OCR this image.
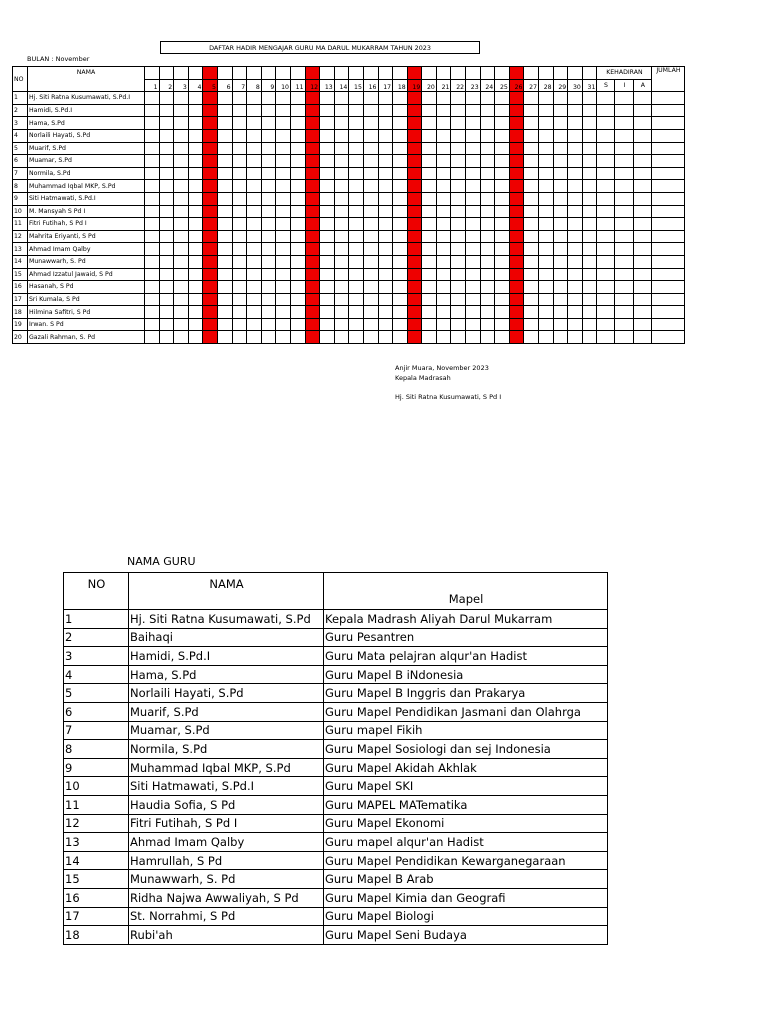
DAFTAR HADIR MENGAJAR GURU MA DARUL MUKARRAM TAHUN 2023
BULAN : November
NO	NAMA																																KEHADIRAN			JUMLAH
		1	2	3	4	5	6	7	8	9	10	11	12	13	14	15	16	17	18	19	20	21	22	23	24	25	26	27	28	29	30	31	S	I	A	
1	Hj. Siti Ratna Kusumawati, S.Pd.I																																			
2	Hamidi, S.Pd.I																																			
3	Hama, S.Pd																																			
4	Norlaili Hayati, S.Pd																																			
5	Muarif, S.Pd																																			
6	Muamar, S.Pd																																			
7	Normila, S.Pd																																			
8	Muhammad Iqbal MKP, S.Pd																																			
9	Siti Hatmawati, S.Pd.I																																			
10	M. Mansyah S Pd I																																			
11	Fitri Futihah, S Pd I																																			
12	Mahrita Eriyanti, S Pd																																			
13	Ahmad Imam Qalby																																			
14	Munawwarh, S. Pd																																			
15	Ahmad Izzatul Jawaid, S Pd																																			
16	Hasanah, S Pd																																			
17	Sri Kumala, S Pd																																			
18	Hilmina Safitri, S Pd																																			
19	Irwan. S Pd																																			
20	Gazali Rahman, S. Pd																																			
Anjir Muara, November 2023
Kepala Madrasah
Hj. Siti Ratna Kusumawati, S Pd I
NAMA GURU
NO	NAMA	Mapel
1	Hj. Siti Ratna Kusumawati, S.Pd	Kepala Madrash Aliyah Darul Mukarram
2	Baihaqi	Guru Pesantren
3	Hamidi, S.Pd.I	Guru Mata pelajran alqur'an Hadist
4	Hama, S.Pd	Guru Mapel B iNdonesia
5	Norlaili Hayati, S.Pd	Guru Mapel B Inggris dan Prakarya
6	Muarif, S.Pd	Guru Mapel Pendidikan Jasmani dan Olahrga
7	Muamar, S.Pd	Guru mapel Fikih
8	Normila, S.Pd	Guru Mapel Sosiologi dan sej Indonesia
9	Muhammad Iqbal MKP, S.Pd	Guru Mapel Akidah Akhlak
10	Siti Hatmawati, S.Pd.I	Guru Mapel SKI
11	Haudia Sofia, S Pd	Guru MAPEL MATematika
12	Fitri Futihah, S Pd I	Guru Mapel Ekonomi
13	Ahmad Imam Qalby	Guru mapel alqur'an Hadist
14	Hamrullah, S Pd	Guru Mapel Pendidikan Kewarganegaraan
15	Munawwarh, S. Pd	Guru Mapel B Arab
16	Ridha Najwa Awwaliyah, S Pd	Guru Mapel Kimia dan Geografi
17	St. Norrahmi, S Pd	Guru Mapel Biologi
18	Rubi'ah	Guru Mapel Seni Budaya
